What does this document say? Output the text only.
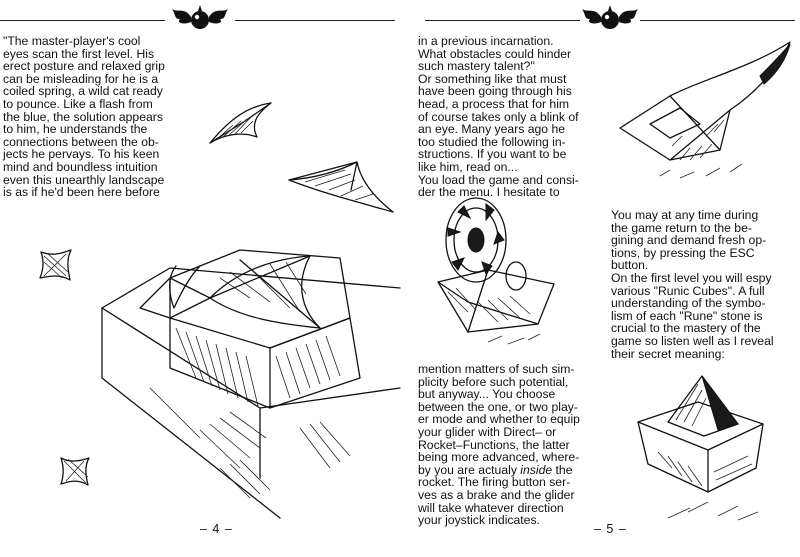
"The master-player's cool
eyes scan the first level. His
erect posture and relaxed grip
can be misleading for he is a
coiled spring, a wild cat ready
to pounce. Like a flash from
the blue, the solution appears
to him, he understands the
connections between the ob-
jects he pervays. To his keen
mind and boundless intuition
even this unearthly landscape
is as if he'd been here before

– 4 –

in a previous incarnation.
What obstacles could hinder
such mastery talent?"
Or something like that must
have been going through his
head, a process that for him
of course takes only a blink of
an eye. Many years ago he
too studied the following in-
structions. If you want to be
like him, read on...
You load the game and consi-
der the menu. I hesitate to

mention matters of such sim-
plicity before such potential,
but anyway... You choose
between the one, or two play-
er mode and whether to equip
your glider with Direct– or
Rocket–Functions, the latter
being more advanced, where-
by you are actualy inside the
rocket. The firing button ser-
ves as a brake and the glider
will take whatever direction
your joystick indicates.

You may at any time during
the game return to the be-
gining and demand fresh op-
tions, by pressing the ESC
button.
On the first level you will espy
various "Runic Cubes". A full
understanding of the symbo-
lism of each "Rune" stone is
crucial to the mastery of the
game so listen well as I reveal
their secret meaning:

– 5 –
